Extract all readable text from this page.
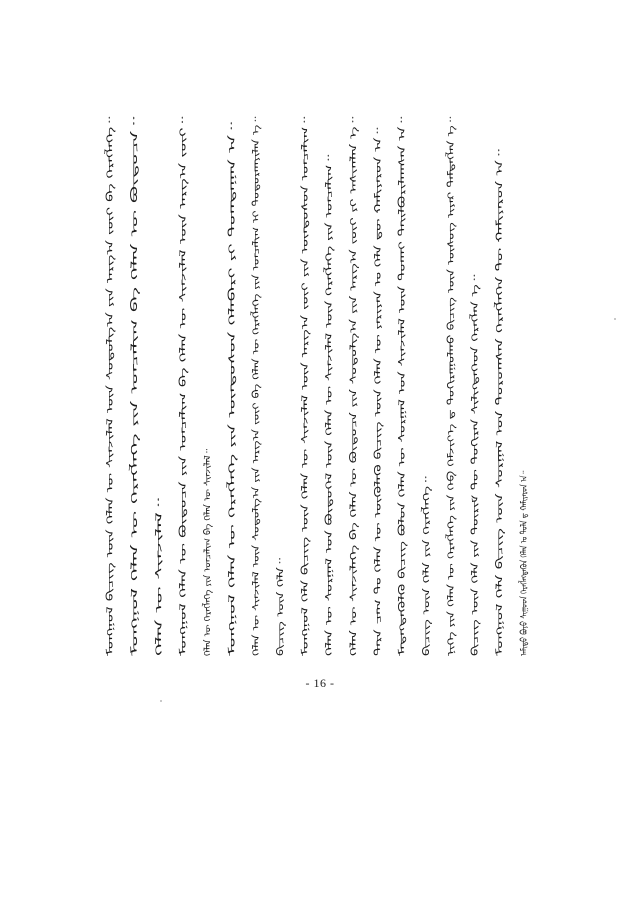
ᠠᠮᠢᠳᠤ ᠪᠤᠶᠤ ᠰᠢᠭᠤᠳ ᠬᠡᠷᠡᠭᠯᠡᠭᠳᠡᠭᠦᠨ ᠬᠡᠯᠡᠨ ᠤ ᠲᠤᠯᠠ ᠳ ᠬᠠᠮᠢᠶᠠᠷᠤᠨ ᠠ᠃
ᠮᠤᠩᠭᠤᠯ ᠬᠡᠯᠡ ᠪᠢᠴᠢᠭ᠌ ᠦᠨ ᠰᠤᠷᠭᠠᠯ ᠤᠨ ᠳᠣᠷᠤᠭᠰᠠᠨ ᠬᠡᠷᠡᠭᠯᠡᠭᠡᠨ ᠲᠦ ᠬᠠᠮᠢᠶᠠᠷᠤᠨ ᠠ᠃
ᠪᠢᠴᠢᠭ᠌ ᠦᠨ ᠬᠡᠯᠡ ᠶᠢᠨ ᠳᠦᠷᠢᠮ ᠲᠦ ᠲᠣᠬᠢᠷᠠᠨ ᠰᠢᠯᠢᠭᠳᠡᠭᠡᠳ ᠬᠡᠷᠡᠭᠯᠡᠨ ᠡ᠃
ᠨᠢᠭᠡ ᠶᠢᠨ ᠬᠡᠯᠡᠨ ᠦ ᠬᠡᠷᠡᠭᠯᠡᠭᠡ ᠶᠢᠨ ᠬᠡᠪ ᠬᠡᠮᠵᠢᠶ᠎ᠡ ᠳ ᠲᠣᠬᠢᠷᠠᠭᠤᠯᠬᠤ ᠪᠢᠴᠢᠭ᠌ ᠦᠨ ᠦᠰᠦᠭ ᠢᠶᠡᠷ ᠲᠡᠮᠳᠡᠭᠯᠡᠨ ᠡ᠃
ᠪᠢᠴᠢᠭ᠌ ᠦᠨ ᠬᠡᠯᠡ ᠶᠢᠨ ᠬᠡᠷᠡᠭᠯᠡᠭᠡ᠃
ᠮᠡᠳᠡᠭᠳᠡᠭᠦᠯᠬᠦ ᠪᠢᠴᠢᠭ᠌ ᠪᠣᠯᠤᠨ ᠬᠡᠯᠡᠨ ᠦ ᠰᠤᠷᠭᠠᠯ ᠤᠨ ᠰᠢᠨᠵᠢᠯᠡᠯ ᠦᠨ ᠲᠤᠬᠠᠢ ᠲᠠᠢᠯᠪᠤᠷᠢᠯᠠᠭᠰᠠᠨ ᠠ᠃
ᠲᠡᠷᠡ ᠴᠠᠭ ᠲᠤ ᠬᠡᠯᠡᠨ ᠦ ᠦᠬᠦᠯᠡᠬᠦ ᠪᠢᠴᠢᠭ᠌ ᠦᠨ ᠬᠡᠯᠡᠨ ᠦ ᠶᠠᠷᠢᠶᠠᠨ ᠤ ᠬᠡᠯᠡ ᠳᠦ ᠬᠠᠮᠢᠶᠠᠷᠤᠨ ᠠ᠃
ᠬᠡᠯᠡᠨ ᠦ ᠰᠢᠨᠵᠢᠯᠡᠭᠡ ᠪᠠ ᠬᠡᠯᠡᠨ ᠦ ᠪᠦᠲᠦᠴᠡ ᠶᠢᠨ ᠰᠤᠳᠤᠯᠭ᠎ᠠ ᠶᠢᠨ ᠠᠷᠭ᠎ᠠ ᠵᠦᠢ ᠶᠢ ᠠᠰᠢᠭᠯᠠᠨ ᠡ᠃
ᠬᠡᠯᠡᠨ ᠦ ᠰᠤᠷᠭᠠᠯ ᠤᠨ ᠪᠦᠲᠦᠭᠡᠯ ᠦᠨ ᠬᠡᠯᠡᠨ ᠦ ᠰᠢᠨᠵᠢᠯᠡᠯ ᠦᠨ ᠬᠡᠷᠡᠭᠯᠡᠭᠡ ᠶᠢᠨ ᠣᠨᠴᠠᠯᠢᠭ᠃
ᠮᠣᠩᠭᠣᠯ ᠬᠡᠯᠡ ᠪᠢᠴᠢᠭ᠌ ᠦᠨ ᠬᠡᠯᠡᠨ ᠦ ᠰᠢᠨᠵᠢᠯᠡᠯ ᠦᠨ ᠠᠷᠭ᠎ᠠ ᠵᠦᠢ ᠶᠢᠨ ᠦᠨᠳᠦᠰᠦᠨ ᠣᠨᠴᠠᠯᠢᠭ᠃
ᠪᠢᠴᠢᠭ᠌ ᠦᠨ ᠬᠡᠯᠡ᠃
ᠬᠡᠯᠡᠨ ᠦ ᠰᠢᠨᠵᠢᠯᠡᠯ ᠦᠨ ᠰᠤᠳᠤᠯᠭ᠎ᠠ ᠶᠢᠨ ᠠᠷᠭ᠎ᠠ ᠵᠦᠢ ᠪᠠ ᠬᠡᠯᠡᠨ ᠦ ᠬᠡᠷᠡᠭᠯᠡᠭᠡ ᠶᠢᠨ ᠣᠨᠴᠠᠯᠢᠭ ᠢ ᠲᠣᠳᠤᠷᠬᠠᠶᠢᠯᠠᠨ ᠡ᠃
ᠮᠣᠩᠭᠣᠯ ᠬᠡᠯᠡᠨ ᠦ ᠬᠡᠷᠡᠭᠯᠡᠭᠡ ᠶᠢᠨ ᠦᠨᠳᠦᠰᠦᠨ ᠬᠡᠯᠡᠪᠡᠷᠢ ᠶᠢ ᠲᠣᠭᠲᠠᠭᠠᠨ ᠠ᠃
ᠬᠡᠯᠡᠨ ᠦ ᠬᠡᠷᠡᠭᠯᠡᠭᠡ ᠶᠢᠨ ᠣᠨᠴᠠᠯᠢᠭ ᠪᠠ ᠬᠡᠯᠡᠨ ᠦ ᠰᠢᠨᠵᠢᠯᠡᠯ᠃
ᠮᠣᠩᠭᠣᠯ ᠬᠡᠯᠡᠨ ᠦ ᠪᠦᠲᠦᠴᠡ ᠶᠢᠨ ᠣᠨᠴᠠᠯᠢᠭ ᠪᠠ ᠬᠡᠯᠡᠨ ᠦ ᠰᠢᠨᠵᠢᠯᠡᠯ ᠦᠨ ᠠᠷᠭ᠎ᠠ ᠵᠦᠢ᠃
ᠬᠡᠯᠡᠨ ᠦ ᠰᠢᠨᠵᠢᠯᠡᠯ᠃
ᠮᠣᠩᠭᠣᠯ ᠬᠡᠯᠡᠨ ᠦ ᠬᠡᠷᠡᠭᠯᠡᠭᠡ ᠶᠢᠨ ᠣᠨᠴᠠᠯᠢᠭ ᠪᠠ ᠬᠡᠯᠡᠨ ᠦ ᠪᠦᠲᠦᠴᠡ᠃
ᠮᠣᠩᠭᠣᠯ ᠪᠢᠴᠢᠭ᠌ ᠦᠨ ᠬᠡᠯᠡᠨ ᠦ ᠰᠢᠨᠵᠢᠯᠡᠯ ᠦᠨ ᠰᠤᠳᠤᠯᠭ᠎ᠠ ᠶᠢᠨ ᠠᠷᠭ᠎ᠠ ᠵᠦᠢ ᠪᠠ ᠬᠡᠷᠡᠭᠯᠡᠭᠡ᠃
- 16 -
